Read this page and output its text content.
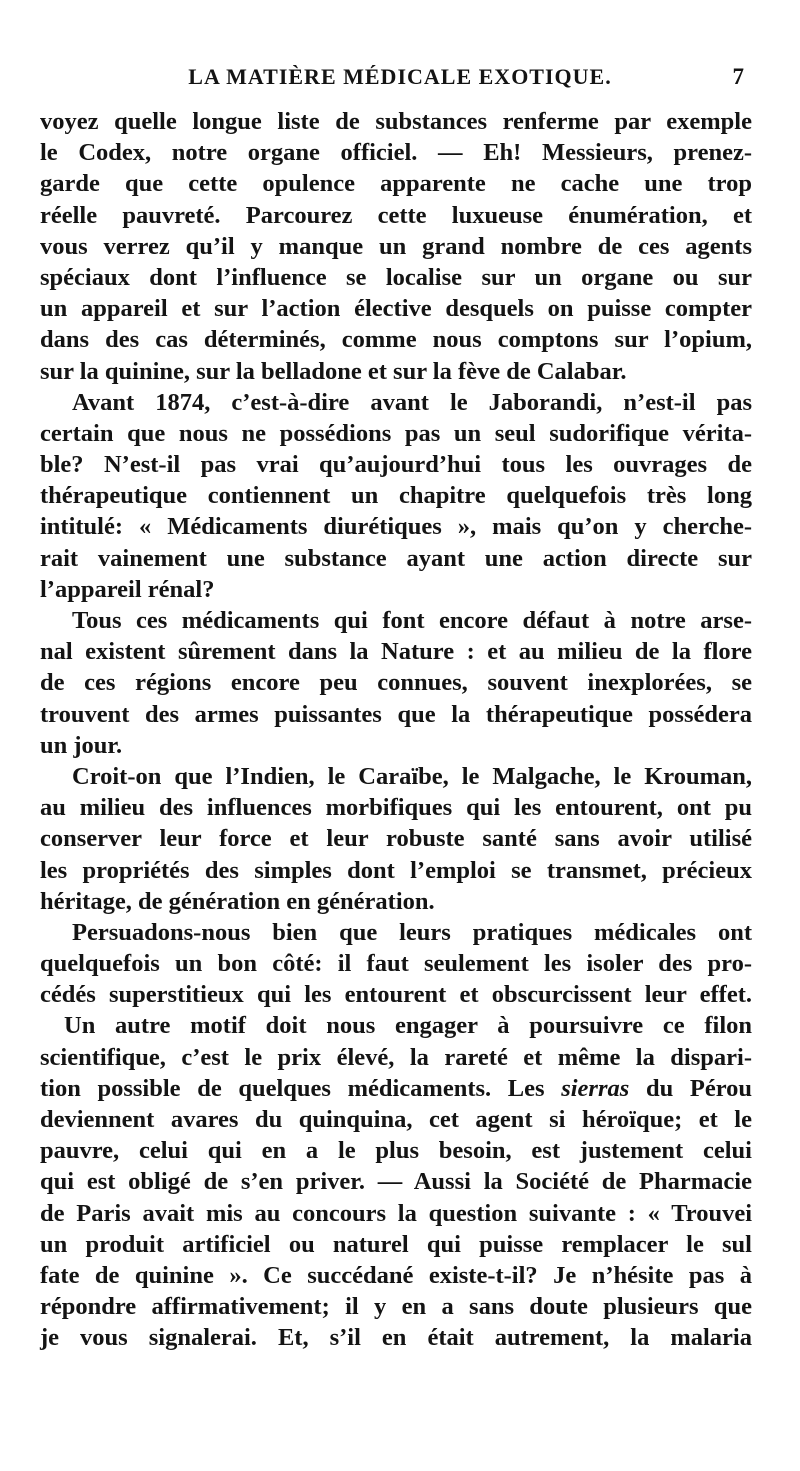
LA MATIÈRE MÉDICALE EXOTIQUE.	7
voyez quelle longue liste de substances renferme par exemple
le Codex, notre organe officiel. — Eh! Messieurs, prenez-
garde que cette opulence apparente ne cache une trop
réelle pauvreté. Parcourez cette luxueuse énumération, et
vous verrez qu’il y manque un grand nombre de ces agents
spéciaux dont l’influence se localise sur un organe ou sur
un appareil et sur l’action élective desquels on puisse compter
dans des cas déterminés, comme nous comptons sur l’opium,
sur la quinine, sur la belladone et sur la fève de Calabar.
Avant 1874, c’est-à-dire avant le Jaborandi, n’est-il pas
certain que nous ne possédions pas un seul sudorifique vérita-
ble? N’est-il pas vrai qu’aujourd’hui tous les ouvrages de
thérapeutique contiennent un chapitre quelquefois très long
intitulé: « Médicaments diurétiques », mais qu’on y cherche-
rait vainement une substance ayant une action directe sur
l’appareil rénal?
Tous ces médicaments qui font encore défaut à notre arse-
nal existent sûrement dans la Nature : et au milieu de la flore
de ces régions encore peu connues, souvent inexplorées, se
trouvent des armes puissantes que la thérapeutique possédera
un jour.
Croit-on que l’Indien, le Caraïbe, le Malgache, le Krouman,
au milieu des influences morbifiques qui les entourent, ont pu
conserver leur force et leur robuste santé sans avoir utilisé
les propriétés des simples dont l’emploi se transmet, précieux
héritage, de génération en génération.
Persuadons-nous bien que leurs pratiques médicales ont
quelquefois un bon côté: il faut seulement les isoler des pro-
cédés superstitieux qui les entourent et obscurcissent leur effet.
Un autre motif doit nous engager à poursuivre ce filon
scientifique, c’est le prix élevé, la rareté et même la dispari-
tion possible de quelques médicaments. Les sierras du Pérou
deviennent avares du quinquina, cet agent si héroïque; et le
pauvre, celui qui en a le plus besoin, est justement celui
qui est obligé de s’en priver. — Aussi la Société de Pharmacie
de Paris avait mis au concours la question suivante : « Trouvei
un produit artificiel ou naturel qui puisse remplacer le sul
fate de quinine ». Ce succédané existe-t-il? Je n’hésite pas à
répondre affirmativement; il y en a sans doute plusieurs que
je vous signalerai. Et, s’il en était autrement, la malaria
